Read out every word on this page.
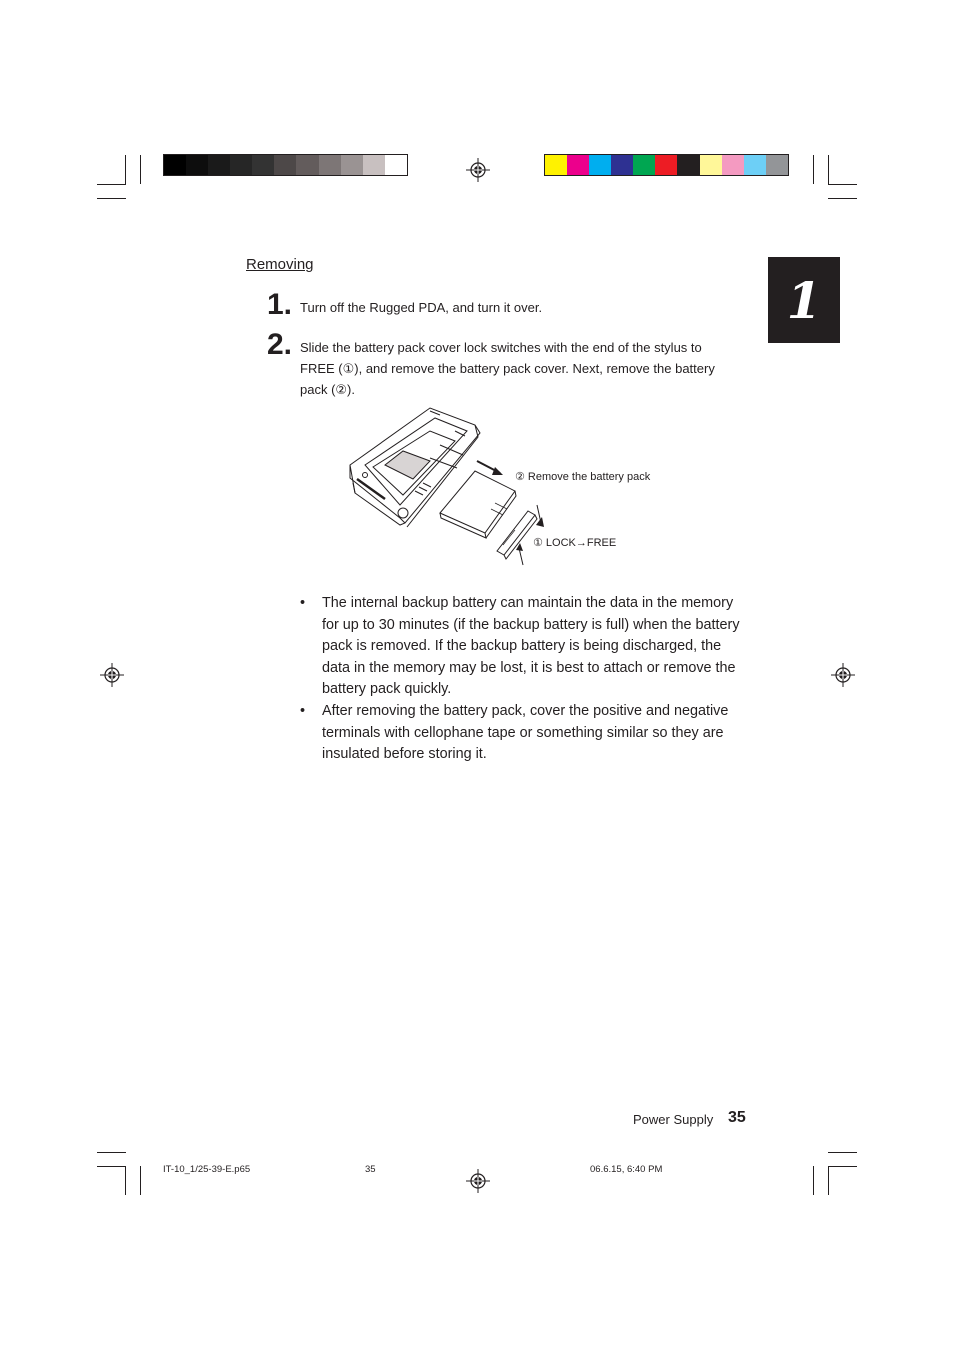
1
Removing
1. Turn off the Rugged PDA, and turn it over.
2. Slide the battery pack cover lock switches with the end of the stylus to
FREE (①), and remove the battery pack cover. Next, remove the battery
pack (②).
② Remove the battery pack
① LOCK→FREE
• The internal backup battery can maintain the data in the memory for up to 30 minutes (if the backup battery is full) when the battery pack is removed. If the backup battery is being discharged, the data in the memory may be lost, it is best to attach or remove the battery pack quickly.
• After removing the battery pack, cover the positive and negative terminals with cellophane tape or something similar so they are insulated before storing it.
Power Supply 35
IT-10_1/25-39-E.p65	35	06.6.15, 6:40 PM
